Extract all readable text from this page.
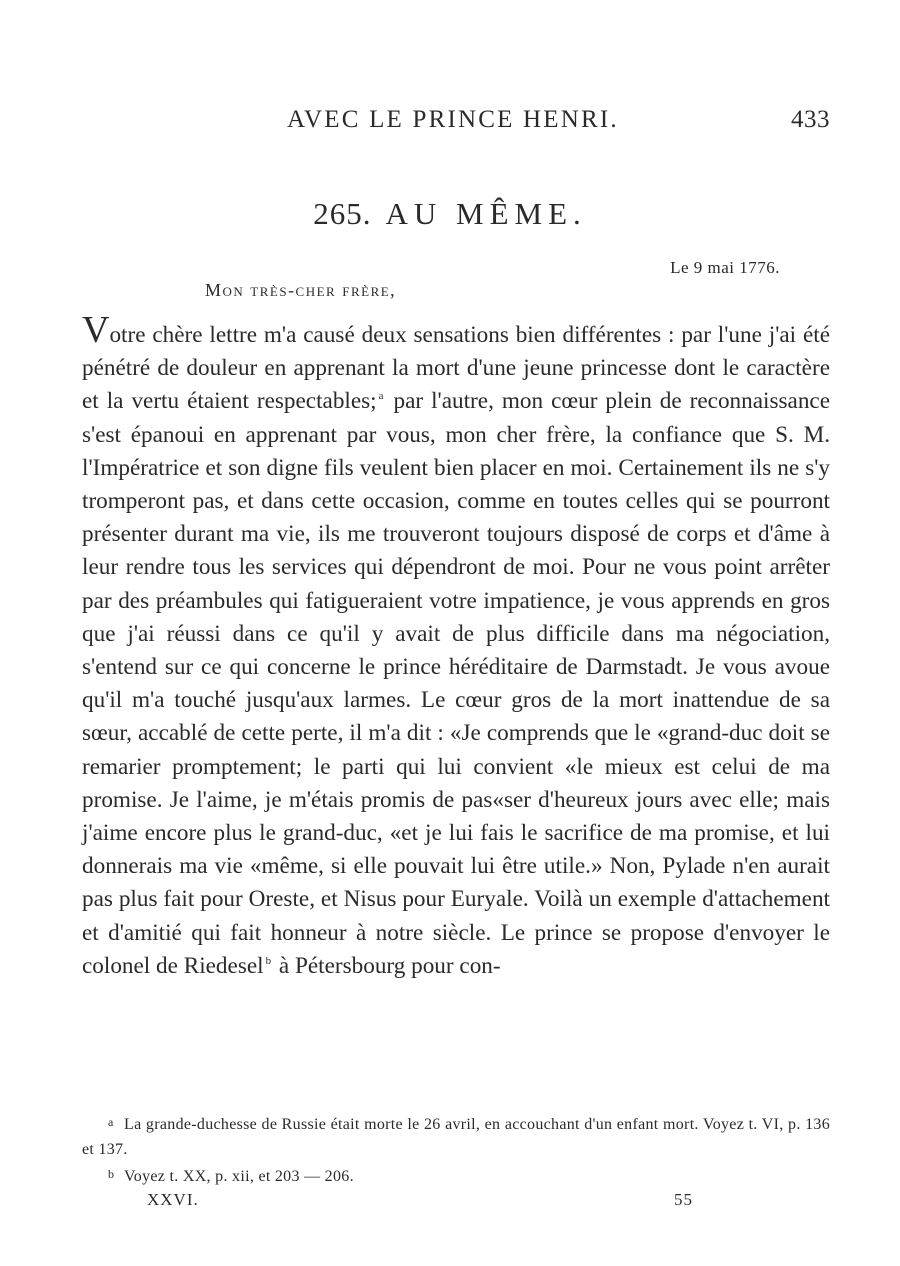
AVEC LE PRINCE HENRI.	433
265. AU MÊME.
Le 9 mai 1776.
Mon très-cher frère,

Votre chère lettre m'a causé deux sensations bien différentes : par l'une j'ai été pénétré de douleur en apprenant la mort d'une jeune princesse dont le caractère et la vertu étaient respectables; $^a$ par l'autre, mon cœur plein de reconnaissance s'est épanoui en apprenant par vous, mon cher frère, la confiance que S. M. l'Impératrice et son digne fils veulent bien placer en moi. Certainement ils ne s'y tromperont pas, et dans cette occasion, comme en toutes celles qui se pourront présenter durant ma vie, ils me trouveront toujours disposé de corps et d'âme à leur rendre tous les services qui dépendront de moi. Pour ne vous point arrêter par des préambules qui fatigueraient votre impatience, je vous apprends en gros que j'ai réussi dans ce qu'il y avait de plus difficile dans ma négociation, s'entend sur ce qui concerne le prince héréditaire de Darmstadt. Je vous avoue qu'il m'a touché jusqu'aux larmes. Le cœur gros de la mort inattendue de sa sœur, accablé de cette perte, il m'a dit : «Je comprends que le «grand-duc doit se remarier promptement; le parti qui lui convient «le mieux est celui de ma promise. Je l'aime, je m'étais promis de pas«ser d'heureux jours avec elle; mais j'aime encore plus le grand-duc, «et je lui fais le sacrifice de ma promise, et lui donnerais ma vie «même, si elle pouvait lui être utile.» Non, Pylade n'en aurait pas plus fait pour Oreste, et Nisus pour Euryale. Voilà un exemple d'attachement et d'amitié qui fait honneur à notre siècle. Le prince se propose d'envoyer le colonel de Riedesel $^b$ à Pétersbourg pour con-

a La grande-duchesse de Russie était morte le 26 avril, en accouchant d'un enfant mort. Voyez t. VI, p. 136 et 137.

b Voyez t. XX, p. xii, et 203 — 206.

XXVI.	55
